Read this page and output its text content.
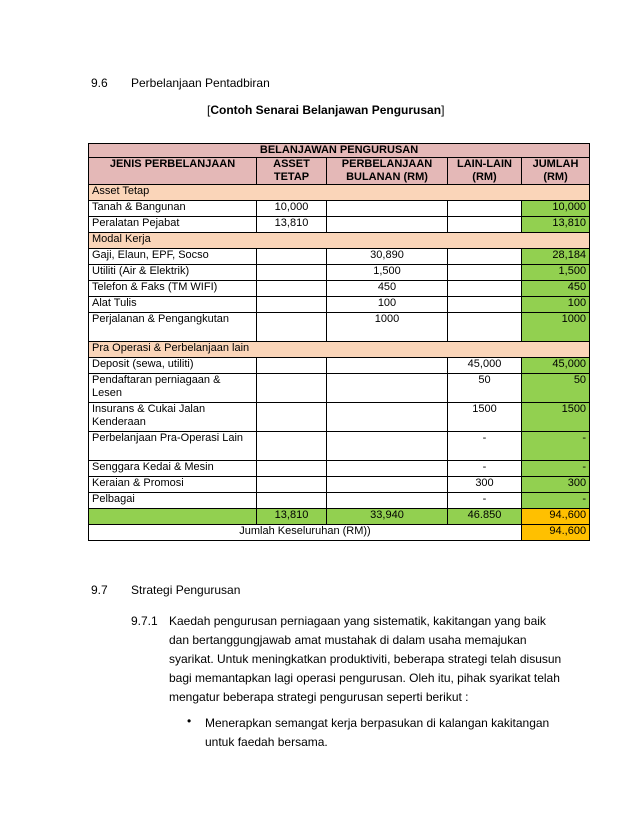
9.6 Perbelanjaan Pentadbiran
[Contoh Senarai Belanjawan Pengurusan]
BELANJAWAN PENGURUSAN				
JENIS PERBELANJAAN	ASSET TETAP	PERBELANJAAN BULANAN (RM)	LAIN-LAIN (RM)	JUMLAH (RM)
Asset Tetap				
Tanah & Bangunan	10,000			10,000
Peralatan Pejabat	13,810			13,810
Modal Kerja				
Gaji, Elaun, EPF, Socso		30,890		28,184
Utiliti (Air & Elektrik)		1,500		1,500
Telefon & Faks (TM WIFI)		450		450
Alat Tulis		100		100
Perjalanan & Pengangkutan		1000		1000
Pra Operasi & Perbelanjaan lain				
Deposit (sewa, utiliti)			45,000	45,000
Pendaftaran perniagaan & Lesen			50	50
Insurans & Cukai Jalan Kenderaan			1500	1500
Perbelanjaan Pra-Operasi Lain			-	-
Senggara Kedai & Mesin			-	-
Keraian & Promosi			300	300
Pelbagai			-	-
	13,810	33,940	46.850	94.,600
Jumlah Keseluruhan (RM))				94.,600
9.7 Strategi Pengurusan
9.7.1 Kaedah pengurusan perniagaan yang sistematik, kakitangan yang baik
dan bertanggungjawab amat mustahak di dalam usaha memajukan
syarikat. Untuk meningkatkan produktiviti, beberapa strategi telah disusun
bagi memantapkan lagi operasi pengurusan. Oleh itu, pihak syarikat telah
mengatur beberapa strategi pengurusan seperti berikut :
• Menerapkan semangat kerja berpasukan di kalangan kakitangan
untuk faedah bersama.
